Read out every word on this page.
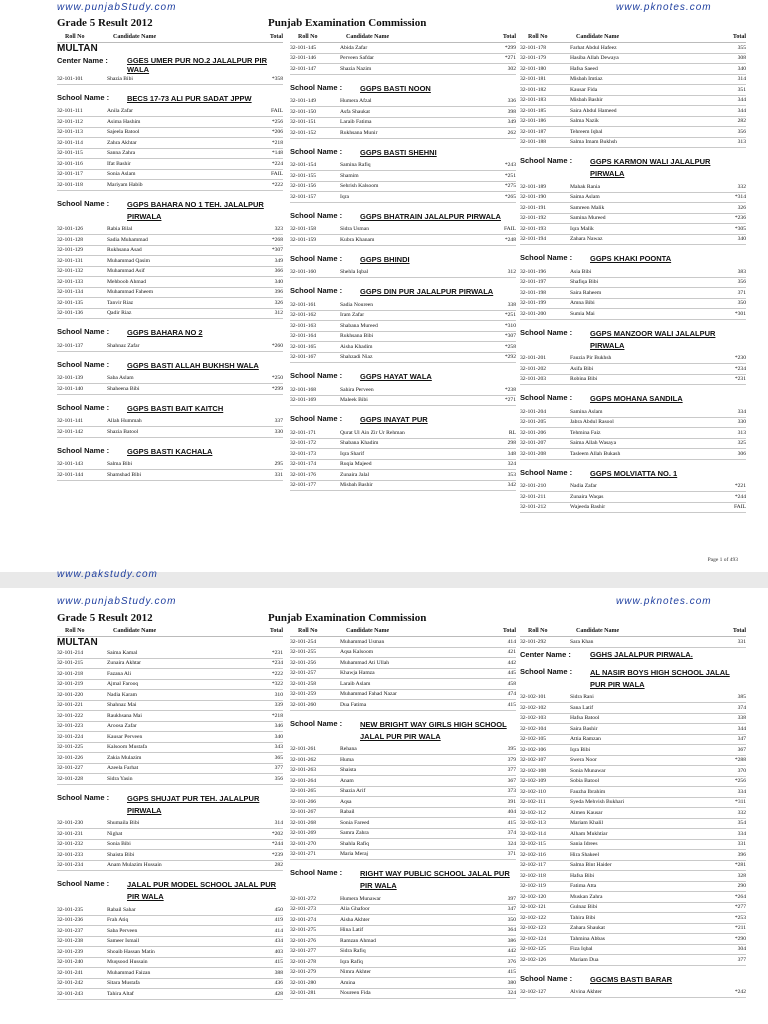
www.punjabStudy.com	www.pknotes.com
Grade 5 Result 2012	Punjab Examination Commission
Roll No	Candidate Name	Total
MULTAN
Center Name :	GGES UMER PUR NO.2 JALALPUR PIR WALA
32-101-101	Shazia Bibi	*358
School Name :	BECS 17-73 ALI PUR SADAT JPPW
32-101-111	Anila Zafar	FAIL
32-101-112	Asima Hashim	*256
32-101-113	Sajeela Batool	*206
32-101-114	Zahra Akhtar	*218
32-101-115	Sanna Zahra	*148
32-101-116	Ifat Bashir	*224
32-101-117	Sonia Aslam	FAIL
32-101-118	Mariyam Habib	*222
School Name :	GGPS BAHARA NO 1 TEH. JALALPUR PIRWALA
32-101-126	Rabia Bilal	323
32-101-128	Sadia Muhammad	*268
32-101-129	Rukhsana Asad	*307
32-101-131	Muhammad Qasim	349
32-101-132	Muhammad Asif	366
32-101-133	Mehboob Ahmad	340
32-101-134	Muhammad Faheem	396
32-101-135	Tanvir Riaz	326
32-101-136	Qadir Riaz	312
School Name :	GGPS BAHARA NO 2
32-101-137	Shahnaz Zafar	*260
School Name :	GGPS BASTI ALLAH BUKHSH WALA
32-101-139	Saba Aslam	*250
32-101-140	Shaheena Bibi	*299
School Name :	GGPS BASTI BAIT KAITCH
32-101-141	Allah Hummah	337
32-101-142	Shazia Batool	330
School Name :	GGPS BASTI KACHALA
32-101-143	Salma Bibi	295
32-101-144	Shamshad Bibi	331
Roll No	Candidate Name	Total
32-101-145	Abida Zafar	*299
32-101-146	Perveen Safdar	*271
32-101-147	Shazia Nazim	302
School Name :	GGPS BASTI NOON
32-101-149	Humera Afzal	336
32-101-150	Asfa Shaukat	398
32-101-151	Laraib Fatima	349
32-101-152	Rukhsana Munir	262
School Name :	GGPS BASTI SHEHNI
32-101-154	Samina Rafiq	*243
32-101-155	Shamim	*251
32-101-156	Sehrish Kalsoom	*275
32-101-157	Iqra	*265
School Name :	GGPS BHATRAIN JALALPUR PIRWALA
32-101-158	Sidra Usman	FAIL
32-101-159	Kubra Khanam	*248
School Name :	GGPS BHINDI
32-101-160	Shehla Iqbal	312
School Name :	GGPS DIN PUR JALALPUR PIRWALA
32-101-161	Sadia Noureen	338
32-101-162	Iram Zafar	*251
32-101-163	Shabana Mureed	*310
32-101-164	Rukhsana Bibi	*307
32-101-165	Aisha Khadim	*258
32-101-167	Shahzadi Niaz	*292
School Name :	GGPS HAYAT WALA
32-101-168	Sahira Perveen	*238
32-101-169	Maleek Bibi	*271
School Name :	GGPS INAYAT PUR
32-101-171	Qurat Ul Ain Zir Ur Rehman	RL
32-101-172	Shabana Khadim	298
32-101-173	Iqra Sharif	348
32-101-174	Ruqia Majeed	324
32-101-176	Zunaira Jalal	353
32-101-177	Misbah Bashir	342
Roll No	Candidate Name	Total
32-101-178	Farhat Abdul Hafeez	355
32-101-179	Hasiba Allah Dewaya	308
32-101-180	Hafsa Saeed	340
32-101-181	Misbah Imtiaz	314
32-101-182	Kausar Fida	351
32-101-183	Misbah Bashir	344
32-101-185	Saira Abdul Hameed	344
32-101-186	Salma Nazik	282
32-101-187	Tehreem Iqbal	356
32-101-188	Salma Imam Bukhsh	313
School Name :	GGPS KARMON WALI JALALPUR PIRWALA
32-101-189	Mahak Rania	332
32-101-190	Saima Aslam	*314
32-101-191	Samreen Malik	326
32-101-192	Samina Mureed	*236
32-101-193	Iqra Malik	*305
32-101-194	Zahara Nawaz	340
School Name :	GGPS KHAKI POONTA
32-101-196	Asia Bibi	383
32-101-197	Shafiqa Bibi	356
32-101-198	Saira Raheem	371
32-101-199	Amna Bibi	350
32-101-200	Sumia Mai	*301
School Name :	GGPS MANZOOR WALI JALALPUR PIRWALA
32-101-201	Fauzia Pir Bukhsh	*230
32-101-202	Asifa Bibi	*234
32-101-203	Robina Bibi	*231
School Name :	GGPS MOHANA SANDILA
32-101-204	Samina Aslam	334
32-101-205	Jabra Abdul Rasool	330
32-101-206	Tehmina Faiz	313
32-101-207	Saima Allah Wasaya	325
32-101-208	Tasleem Allah Bukash	306
School Name :	GGPS MOLVIATTA NO. 1
32-101-210	Nadia Zafar	*221
32-101-211	Zunaira Waqas	*244
32-101-212	Wajeeda Bashir	FAIL
Page 1 of 493
www.pakstudy.com
www.punjabStudy.com	www.pknotes.com
Grade 5 Result 2012	Punjab Examination Commission
Roll No	Candidate Name	Total
MULTAN
32-101-214	Saima Kamal	*231
32-101-215	Zunaira Akhtar	*234
32-101-218	Fazana Ali	*222
32-101-219	Ajmal Farooq	*322
32-101-220	Nadia Karam	310
32-101-221	Shahnaz Mai	339
32-101-222	Raukhsana Mai	*218
32-101-223	Aroosa Zafar	346
32-101-224	Kausar Perveen	340
32-101-225	Kalsoom Mustafa	343
32-101-226	Zakia Mulazim	365
32-101-227	Azeela Farhat	377
32-101-228	Sidra Yasin	356
School Name :	GGPS SHUJAT PUR TEH. JALALPUR PIRWALA
32-101-230	Shumaila Bibi	314
32-101-231	Nighat	*202
32-101-232	Sonia Bibi	*244
32-101-233	Shaista Bibi	*239
32-101-234	Anam Mulazim Hussain	282
School Name :	JALAL PUR MODEL SCHOOL JALAL PUR PIR WALA
32-101-235	Rabail Sahar	450
32-101-236	Frah Atiq	419
32-101-237	Saba Perveen	414
32-101-238	Sameer Ismail	434
32-101-239	Shoaib Hassan Matin	403
32-101-240	Muqsood Hussain	415
32-101-241	Muhammad Faizan	388
32-101-242	Sitara Mustafa	436
32-101-243	Tahira Altaf	428
Roll No	Candidate Name	Total
32-101-254	Muhammad Usman	414
32-101-255	Aqsa Kalsoom	421
32-101-256	Muhammad Ati Ullah	442
32-101-257	Khawja Hamza	445
32-101-258	Laraib Aslam	458
32-101-259	Muhammad Fahad Nazar	474
32-101-260	Dua Fatima	415
School Name :	NEW BRIGHT WAY GIRLS HIGH SCHOOL JALAL PUR PIR WALA
32-101-261	Rehana	395
32-101-262	Huma	379
32-101-263	Shaista	377
32-101-264	Anam	367
32-101-265	Shazia Arif	373
32-101-266	Aqsa	391
32-101-267	Rabail	404
32-101-268	Sonia Fareed	415
32-101-269	Samra Zahra	374
32-101-270	Shahla Rafiq	324
32-101-271	Maria Meraj	371
School Name :	RIGHT WAY PUBLIC SCHOOL JALAL PUR PIR WALA
32-101-272	Humera Munawar	397
32-101-273	Alia Ghafoor	347
32-101-274	Aisha Akhter	350
32-101-275	Hina Latif	364
32-101-276	Ramzan Ahmad	386
32-101-277	Sidra Rafiq	442
32-101-278	Iqra Rafiq	376
32-101-279	Nimra Akhter	415
32-101-280	Amina	380
32-101-281	Noureen Fida	324
Roll No	Candidate Name	Total
32-101-292	Sara Khan	331
Center Name :	GGHS JALALPUR PIRWALA.
School Name :	AL NASIR BOYS HIGH SCHOOL JALAL PUR PIR WALA
32-102-101	Sidra Rani	385
32-102-102	Sana Latif	374
32-102-103	Hafsa Batool	338
32-102-104	Saira Bashir	344
32-102-105	Attia Ramzan	347
32-102-106	Iqra Bibi	367
32-102-107	Swera Noor	*288
32-102-108	Sonia Munawar	370
32-102-109	Sobia Batool	*256
32-102-110	Fauzha Ibrahim	334
32-102-111	Syeda Mehvish Bukhari	*311
32-102-112	Aimen Kausar	332
32-102-113	Mariam Khalil	354
32-102-114	Alham Mukhtiar	334
32-102-115	Sania Idrees	331
32-102-116	Hira Shakeel	396
32-102-117	Salma Bint Haider	*281
32-102-118	Hafsa Bibi	328
32-102-119	Fatima Atta	290
32-102-120	Muskan Zahra	*264
32-102-121	Gulnaz Bibi	*277
32-102-122	Tahira Bibi	*253
32-102-123	Zahara Shaukat	*211
32-102-124	Tahmina Abbas	*290
32-102-125	Fiza Iqbal	304
32-102-126	Mariam Dua	377
School Name :	GGCMS BASTI BARAR
32-102-127	Alvina Akhter	*242
